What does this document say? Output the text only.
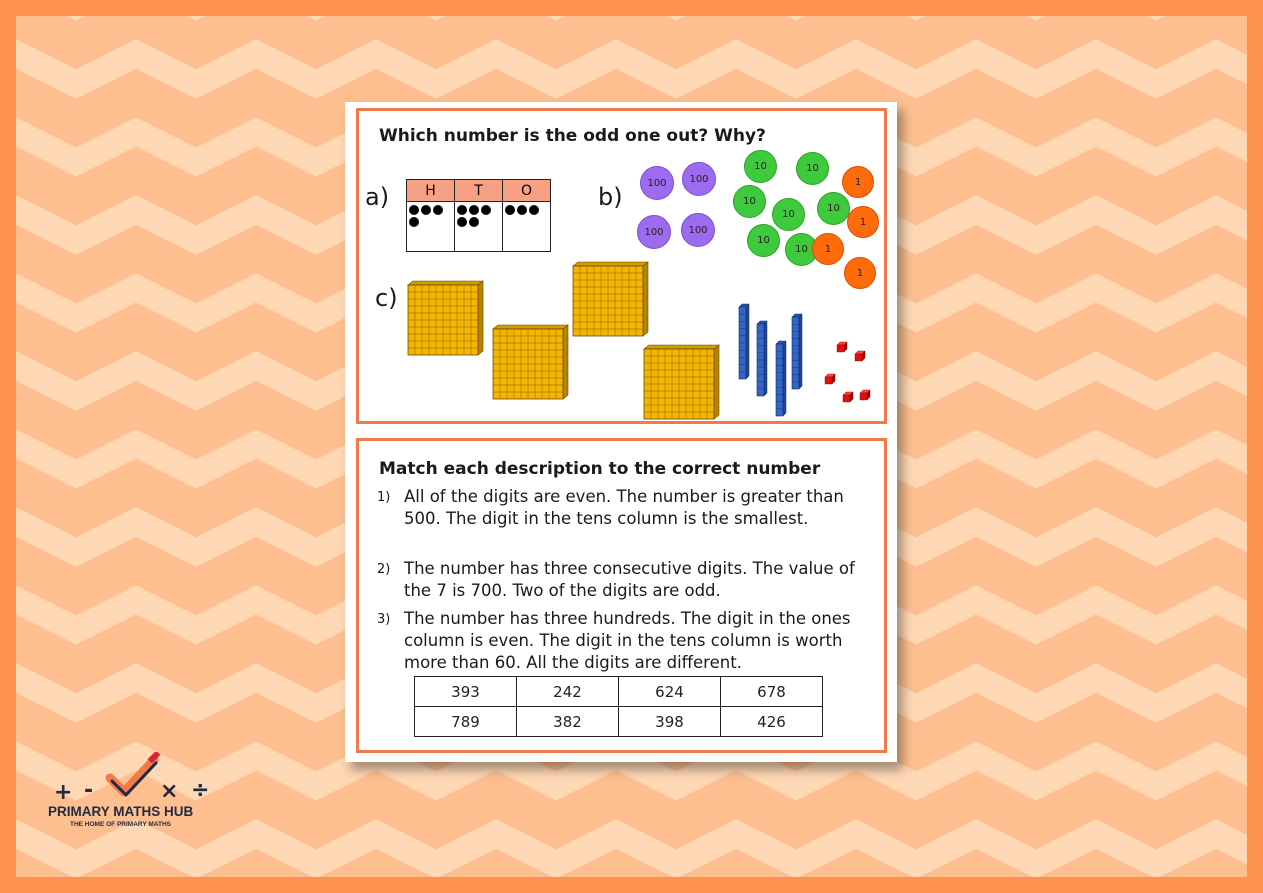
Which number is the odd one out? Why?
a)	H	T	O

		b)	100	100
100	100
10	10
10
10
10
10
10
1
1
1
1
c)
Match each description to the correct number
1) All of the digits are even. The number is greater than 500. The digit in the tens column is the smallest.
2) The number has three consecutive digits. The value of the 7 is 700. Two of the digits are odd.
3) The number has three hundreds. The digit in the ones column is even. The digit in the tens column is worth more than 60. All the digits are different.
393	242	624	678
789	382	398	426
+ -	× ÷
PRIMARY MATHS HUB
THE HOME OF PRIMARY MATHS
